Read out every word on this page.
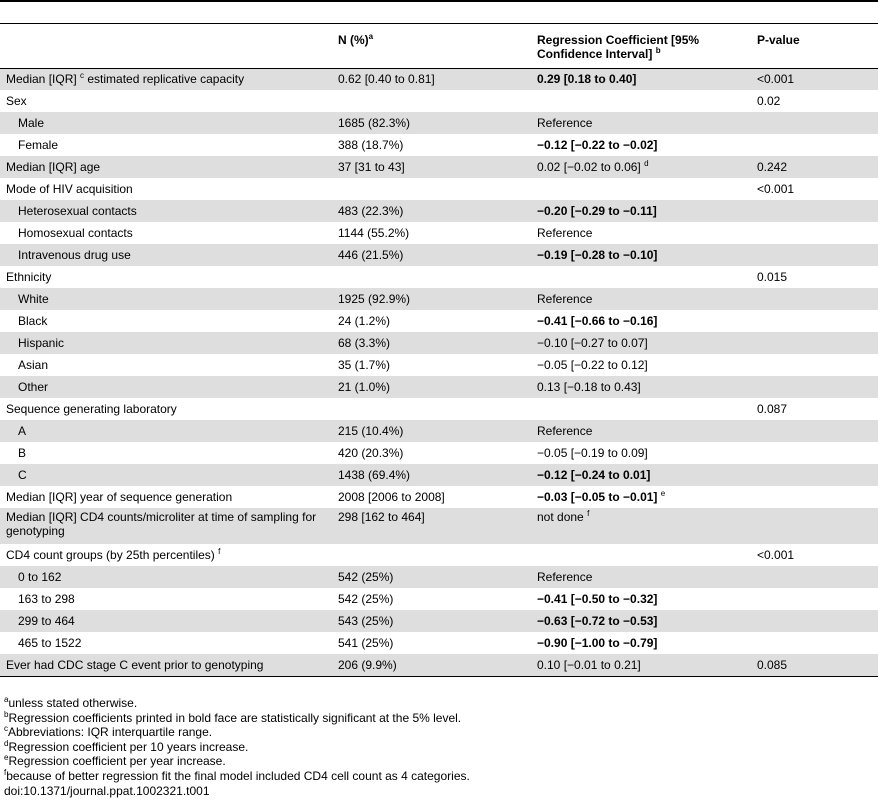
	N (%)$^a$	Regression Coefficient [95% Confidence Interval] $^b$	P-value
Median [IQR] $^c$ estimated replicative capacity	0.62 [0.40 to 0.81]	0.29 [0.18 to 0.40]	<0.001
Sex			0.02
Male	1685 (82.3%)	Reference	
Female	388 (18.7%)	−0.12 [−0.22 to −0.02]	
Median [IQR] age	37 [31 to 43]	0.02 [−0.02 to 0.06] $^d$	0.242
Mode of HIV acquisition			<0.001
Heterosexual contacts	483 (22.3%)	−0.20 [−0.29 to −0.11]	
Homosexual contacts	1144 (55.2%)	Reference	
Intravenous drug use	446 (21.5%)	−0.19 [−0.28 to −0.10]	
Ethnicity			0.015
White	1925 (92.9%)	Reference	
Black	24 (1.2%)	−0.41 [−0.66 to −0.16]	
Hispanic	68 (3.3%)	−0.10 [−0.27 to 0.07]	
Asian	35 (1.7%)	−0.05 [−0.22 to 0.12]	
Other	21 (1.0%)	0.13 [−0.18 to 0.43]	
Sequence generating laboratory			0.087
A	215 (10.4%)	Reference	
B	420 (20.3%)	−0.05 [−0.19 to 0.09]	
C	1438 (69.4%)	−0.12 [−0.24 to 0.01]	
Median [IQR] year of sequence generation	2008 [2006 to 2008]	−0.03 [−0.05 to −0.01] $^e$	
Median [IQR] CD4 counts/microliter at time of sampling for genotyping	298 [162 to 464]	not done $^f$	
CD4 count groups (by 25th percentiles) $^f$			<0.001
0 to 162	542 (25%)	Reference	
163 to 298	542 (25%)	−0.41 [−0.50 to −0.32]	
299 to 464	543 (25%)	−0.63 [−0.72 to −0.53]	
465 to 1522	541 (25%)	−0.90 [−1.00 to −0.79]	
Ever had CDC stage C event prior to genotyping	206 (9.9%)	0.10 [−0.01 to 0.21]	0.085
$^a$unless stated otherwise.
$^b$Regression coefficients printed in bold face are statistically significant at the 5% level.
$^c$Abbreviations: IQR interquartile range.
$^d$Regression coefficient per 10 years increase.
$^e$Regression coefficient per year increase.
$^f$because of better regression fit the final model included CD4 cell count as 4 categories.
doi:10.1371/journal.ppat.1002321.t001
